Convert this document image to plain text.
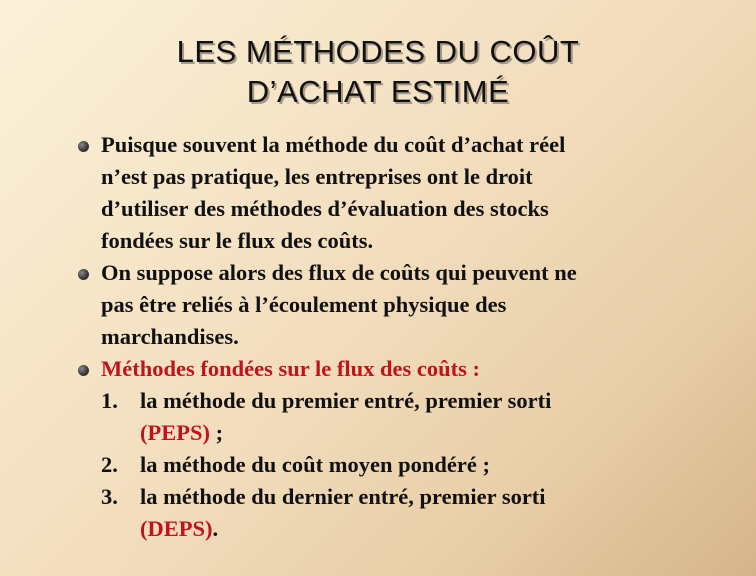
LES MÉTHODES DU COÛT
D’ACHAT ESTIMÉ
Puisque souvent la méthode du coût d’achat réel
n’est pas pratique, les entreprises ont le droit
d’utiliser des méthodes d’évaluation des stocks
fondées sur le flux des coûts.
On suppose alors des flux de coûts qui peuvent ne
pas être reliés à l’écoulement physique des
marchandises.
Méthodes fondées sur le flux des coûts :
1. la méthode du premier entré, premier sorti
(PEPS) ;
2. la méthode du coût moyen pondéré ;
3. la méthode du dernier entré, premier sorti
(DEPS).
